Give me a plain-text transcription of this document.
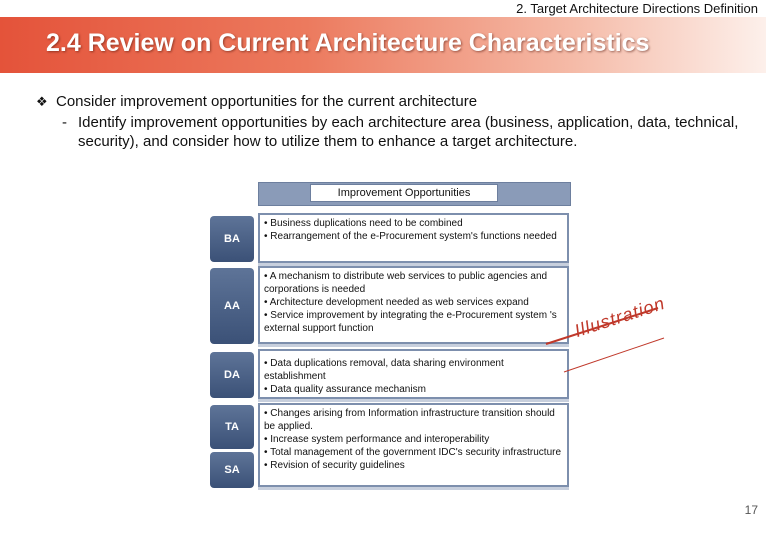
2. Target Architecture Directions Definition
2.4 Review on Current Architecture Characteristics
❖ Consider improvement opportunities for the current architecture
- Identify improvement opportunities by each architecture area (business, application, data, technical, security), and consider how to utilize them to enhance a target architecture.
Improvement Opportunities
BA
• Business duplications need to be combined
• Rearrangement of the e-Procurement system's functions needed
AA
• A mechanism to distribute web services to public agencies and corporations is needed
• Architecture development needed as web services expand
• Service improvement by integrating the e-Procurement system 's external support function
DA
• Data duplications removal, data sharing environment establishment
• Data quality assurance mechanism
TA
SA
• Changes arising from Information infrastructure transition should be applied.
• Increase system performance and interoperability
• Total management of the government IDC's security infrastructure
• Revision of security guidelines
Illustration
17
